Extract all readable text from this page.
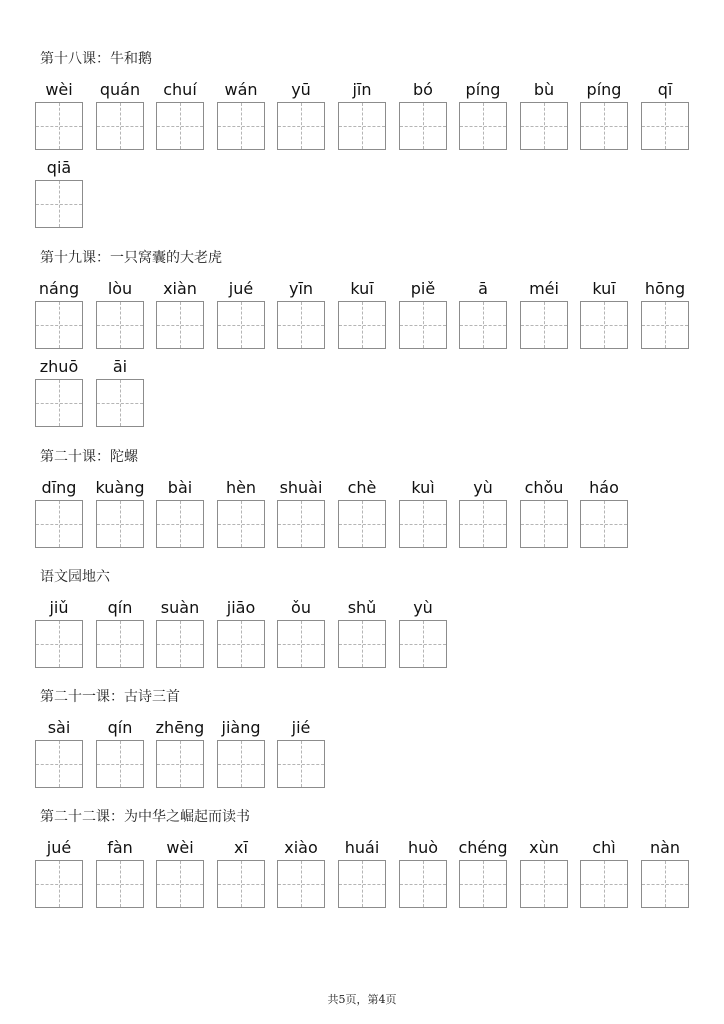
第十八课：牛和鹅
wèi	quán	chuí	wán	yū	jīn	bó	píng	bù	píng	qī
qiā
第十九课：一只窝囊的大老虎
náng	lòu	xiàn	jué	yīn	kuī	piě	ā	méi	kuī	hōng
zhuō	āi
第二十课：陀螺
dīng	kuàng	bài	hèn	shuài	chè	kuì	yù	chǒu	háo
语文园地六
jiǔ	qín	suàn	jiāo	ǒu	shǔ	yù
第二十一课：古诗三首
sài	qín	zhēng	jiàng	jié
第二十二课：为中华之崛起而读书
jué	fàn	wèi	xī	xiào	huái	huò	chéng	xùn	chì	nàn
共5页，第4页
